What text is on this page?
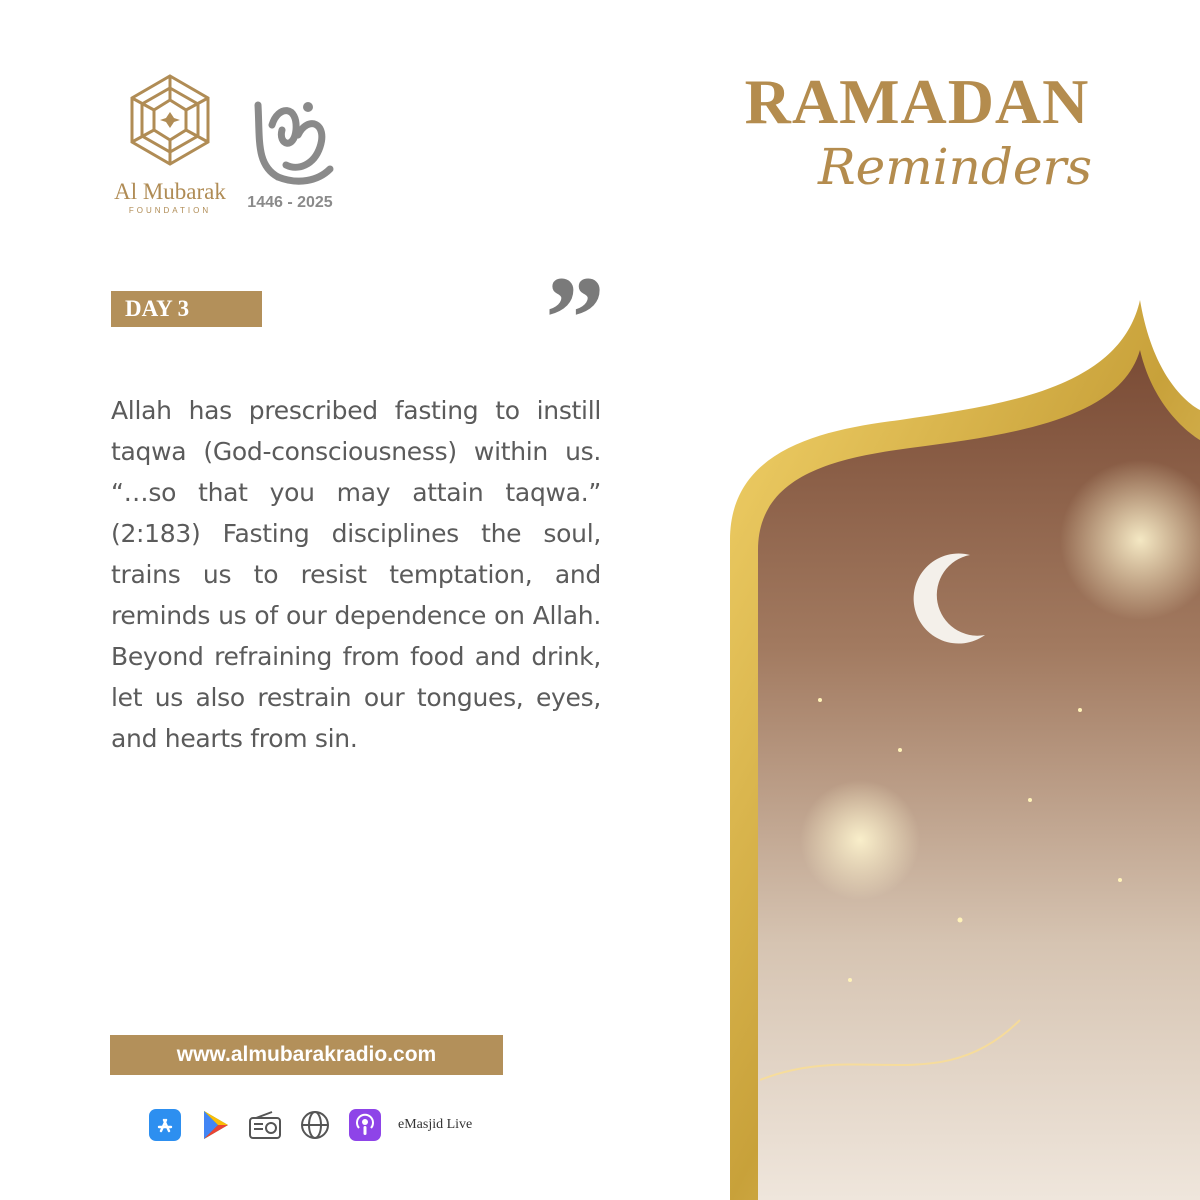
Al Mubarak
FOUNDATION	1446 - 2025
RAMADAN
Reminders
DAY 3	”
Allah has prescribed fasting to instill taqwa (God-consciousness) within us. “…so that you may attain taqwa.” (2:183) Fasting disciplines the soul, trains us to resist temptation, and reminds us of our dependence on Allah. Beyond refraining from food and drink, let us also restrain our tongues, eyes, and hearts from sin.
www.almubarakradio.com
eMasjid Live
